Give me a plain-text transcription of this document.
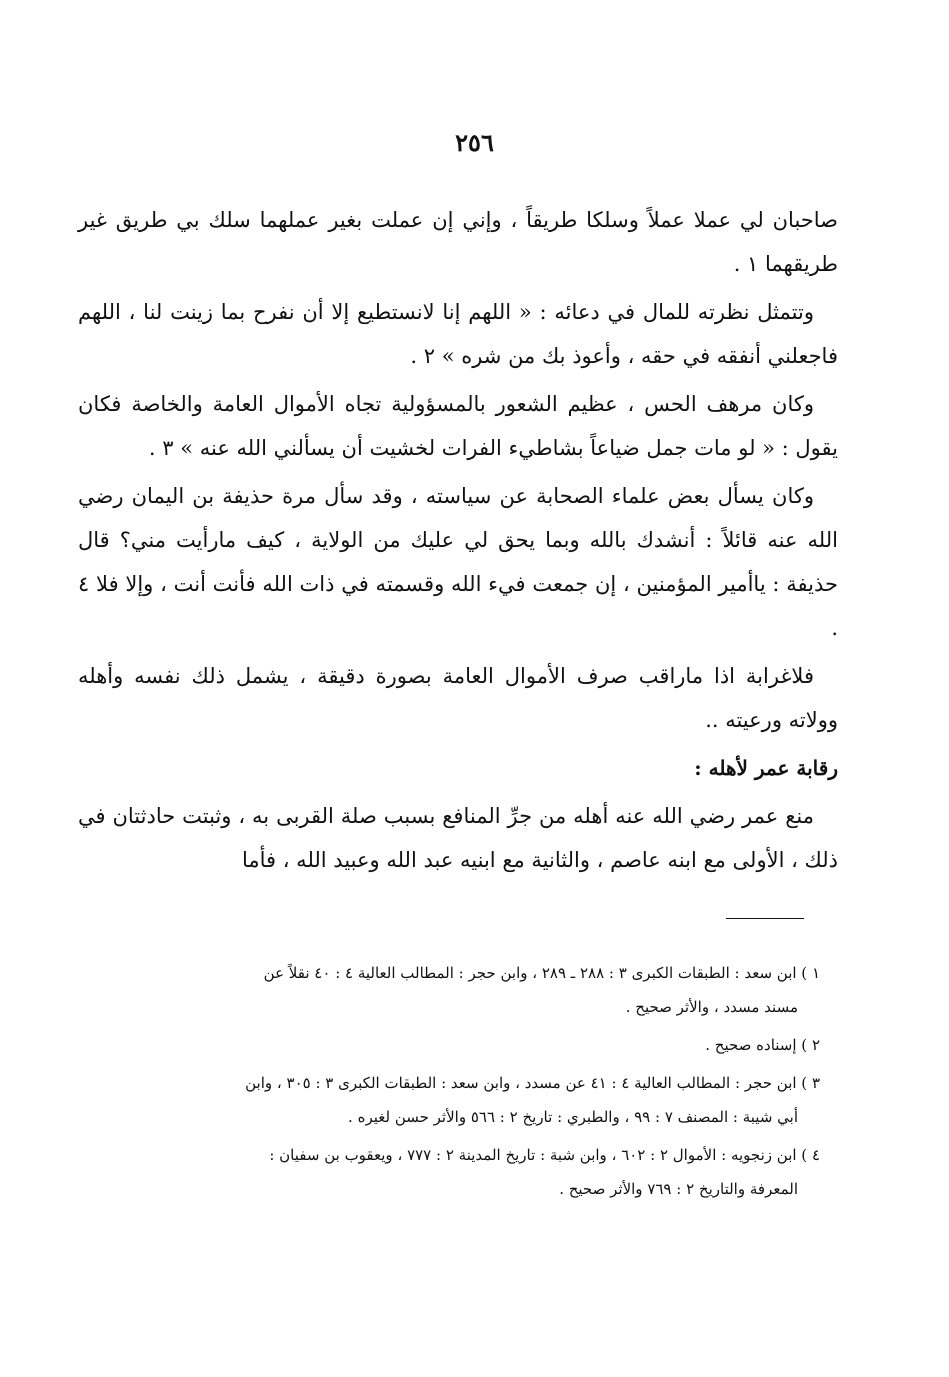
٢٥٦

صاحبان لي عملا عملاً وسلكا طريقاً ، وإني إن عملت بغير عملهما سلك بي طريق غير طريقهما ١ .

وتتمثل نظرته للمال في دعائه : « اللهم إنا لانستطيع إلا أن نفرح بما زينت لنا ، اللهم فاجعلني أنفقه في حقه ، وأعوذ بك من شره » ٢ .

وكان مرهف الحس ، عظيم الشعور بالمسؤولية تجاه الأموال العامة والخاصة فكان يقول : « لو مات جمل ضياعاً بشاطيء الفرات لخشيت أن يسألني الله عنه » ٣ .

وكان يسأل بعض علماء الصحابة عن سياسته ، وقد سأل مرة حذيفة بن اليمان رضي الله عنه قائلاً : أنشدك بالله وبما يحق لي عليك من الولاية ، كيف مارأيت مني؟ قال حذيفة : ياأمير المؤمنين ، إن جمعت فيء الله وقسمته في ذات الله فأنت أنت ، وإلا فلا ٤ .

فلاغرابة اذا ماراقب صرف الأموال العامة بصورة دقيقة ، يشمل ذلك نفسه وأهله وولاته ورعيته ..

رقابة عمر لأهله :

منع عمر رضي الله عنه أهله من جرِّ المنافع بسبب صلة القربى به ، وثبتت حادثتان في ذلك ، الأولى مع ابنه عاصم ، والثانية مع ابنيه عبد الله وعبيد الله ، فأما

١ ) ابن سعد : الطبقات الكبرى ٣ : ٢٨٨ ـ ٢٨٩ ، وابن حجر : المطالب العالية ٤ : ٤٠ نقلاً عن
مسند مسدد ، والأثر صحيح .
٢ ) إسناده صحيح .
٣ ) ابن حجر : المطالب العالية ٤ : ٤١ عن مسدد ، وابن سعد : الطبقات الكبرى ٣ : ٣٠٥ ، وابن
أبي شيبة : المصنف ٧ : ٩٩ ، والطبري : تاريخ ٢ : ٥٦٦ والأثر حسن لغيره .
٤ ) ابن زنجويه : الأموال ٢ : ٦٠٢ ، وابن شبة : تاريخ المدينة ٢ : ٧٧٧ ، ويعقوب بن سفيان :
المعرفة والتاريخ ٢ : ٧٦٩ والأثر صحيح .
